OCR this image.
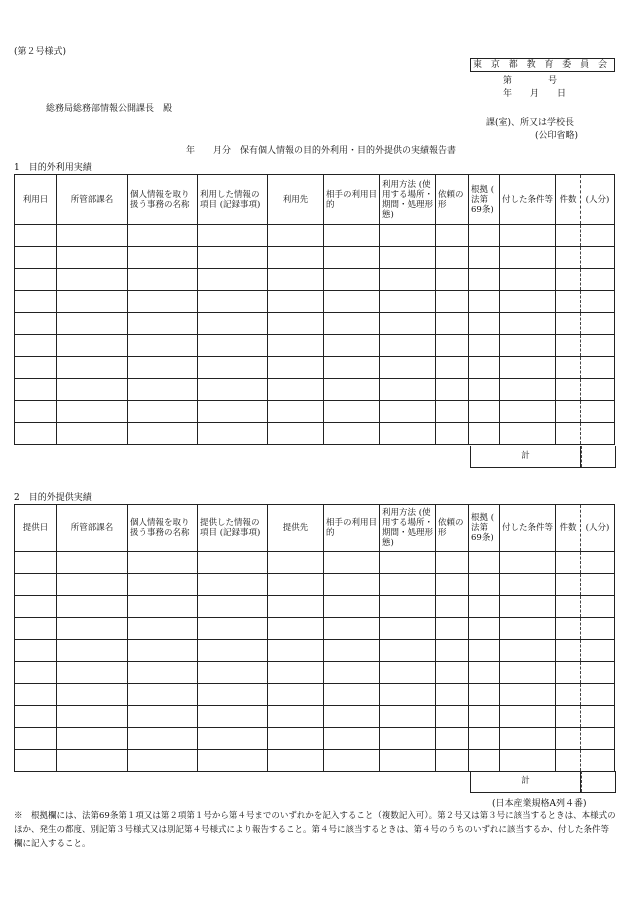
(第２号様式)
東 京 都 教 育 委 員 会
第　　　　号
年　　月　　日
総務局総務部情報公開課長　殿
課(室)、所又は学校長
(公印省略)
年　　月分　保有個人情報の目的外利用・目的外提供の実績報告書
1　目的外利用実績
利用日	所管部課名	個人情報を取り扱う事務の名称	利用した情報の項目 (記録事項)	利用先	相手の利用目的	利用方法 (使用する場所・期間・処理形態)	依頼の形	根拠 ( 法第69条)	付した条件等	件数	(人分)

計
2　目的外提供実績
提供日	所管部課名	個人情報を取り扱う事務の名称	提供した情報の項目 (記録事項)	提供先	相手の利用目的	利用方法 (使用する場所・期間・処理形態)	依頼の形	根拠 ( 法第69条)	付した条件等	件数	(人分)

計
(日本産業規格A列４番)
※　根拠欄には、法第69条第１項又は第２項第１号から第４号までのいずれかを記入すること（複数記入可）。第２号又は第３号に該当するときは、本様式のほか、発生の都度、別記第３号様式又は別記第４号様式により報告すること。第４号に該当するときは、第４号のうちのいずれに該当するか、付した条件等欄に記入すること。
